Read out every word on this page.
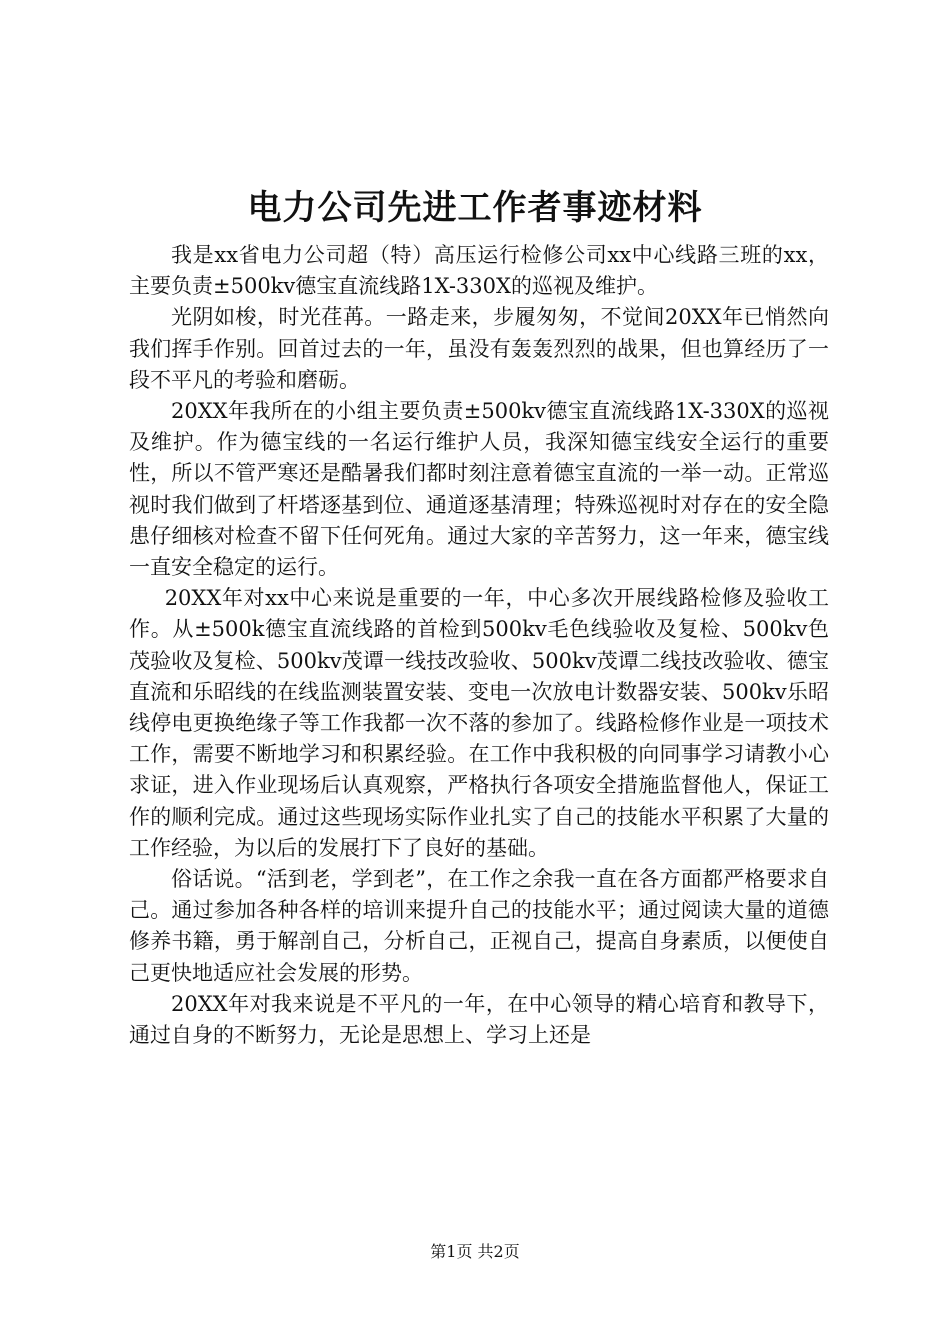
电力公司先进工作者事迹材料

我是xx省电力公司超（特）高压运行检修公司xx中心线路三班的xx，主要负责±500kv德宝直流线路1X-330X的巡视及维护。

光阴如梭，时光荏苒。一路走来，步履匆匆，不觉间20XX年已悄然向我们挥手作别。回首过去的一年，虽没有轰轰烈烈的战果，但也算经历了一段不平凡的考验和磨砺。

20XX年我所在的小组主要负责±500kv德宝直流线路1X-330X的巡视及维护。作为德宝线的一名运行维护人员，我深知德宝线安全运行的重要性，所以不管严寒还是酷暑我们都时刻注意着德宝直流的一举一动。正常巡视时我们做到了杆塔逐基到位、通道逐基清理；特殊巡视时对存在的安全隐患仔细核对检查不留下任何死角。通过大家的辛苦努力，这一年来，德宝线一直安全稳定的运行。

20XX年对xx中心来说是重要的一年，中心多次开展线路检修及验收工作。从±500k德宝直流线路的首检到500kv毛色线验收及复检、500kv色茂验收及复检、500kv茂谭一线技改验收、500kv茂谭二线技改验收、德宝直流和乐昭线的在线监测装置安装、变电一次放电计数器安装、500kv乐昭线停电更换绝缘子等工作我都一次不落的参加了。线路检修作业是一项技术工作，需要不断地学习和积累经验。在工作中我积极的向同事学习请教小心求证，进入作业现场后认真观察，严格执行各项安全措施监督他人，保证工作的顺利完成。通过这些现场实际作业扎实了自己的技能水平积累了大量的工作经验，为以后的发展打下了良好的基础。

俗话说。“活到老，学到老”，在工作之余我一直在各方面都严格要求自己。通过参加各种各样的培训来提升自己的技能水平；通过阅读大量的道德修养书籍，勇于解剖自己，分析自己，正视自己，提高自身素质，以便使自己更快地适应社会发展的形势。

20XX年对我来说是不平凡的一年，在中心领导的精心培育和教导下，通过自身的不断努力，无论是思想上、学习上还是

第1页 共2页
